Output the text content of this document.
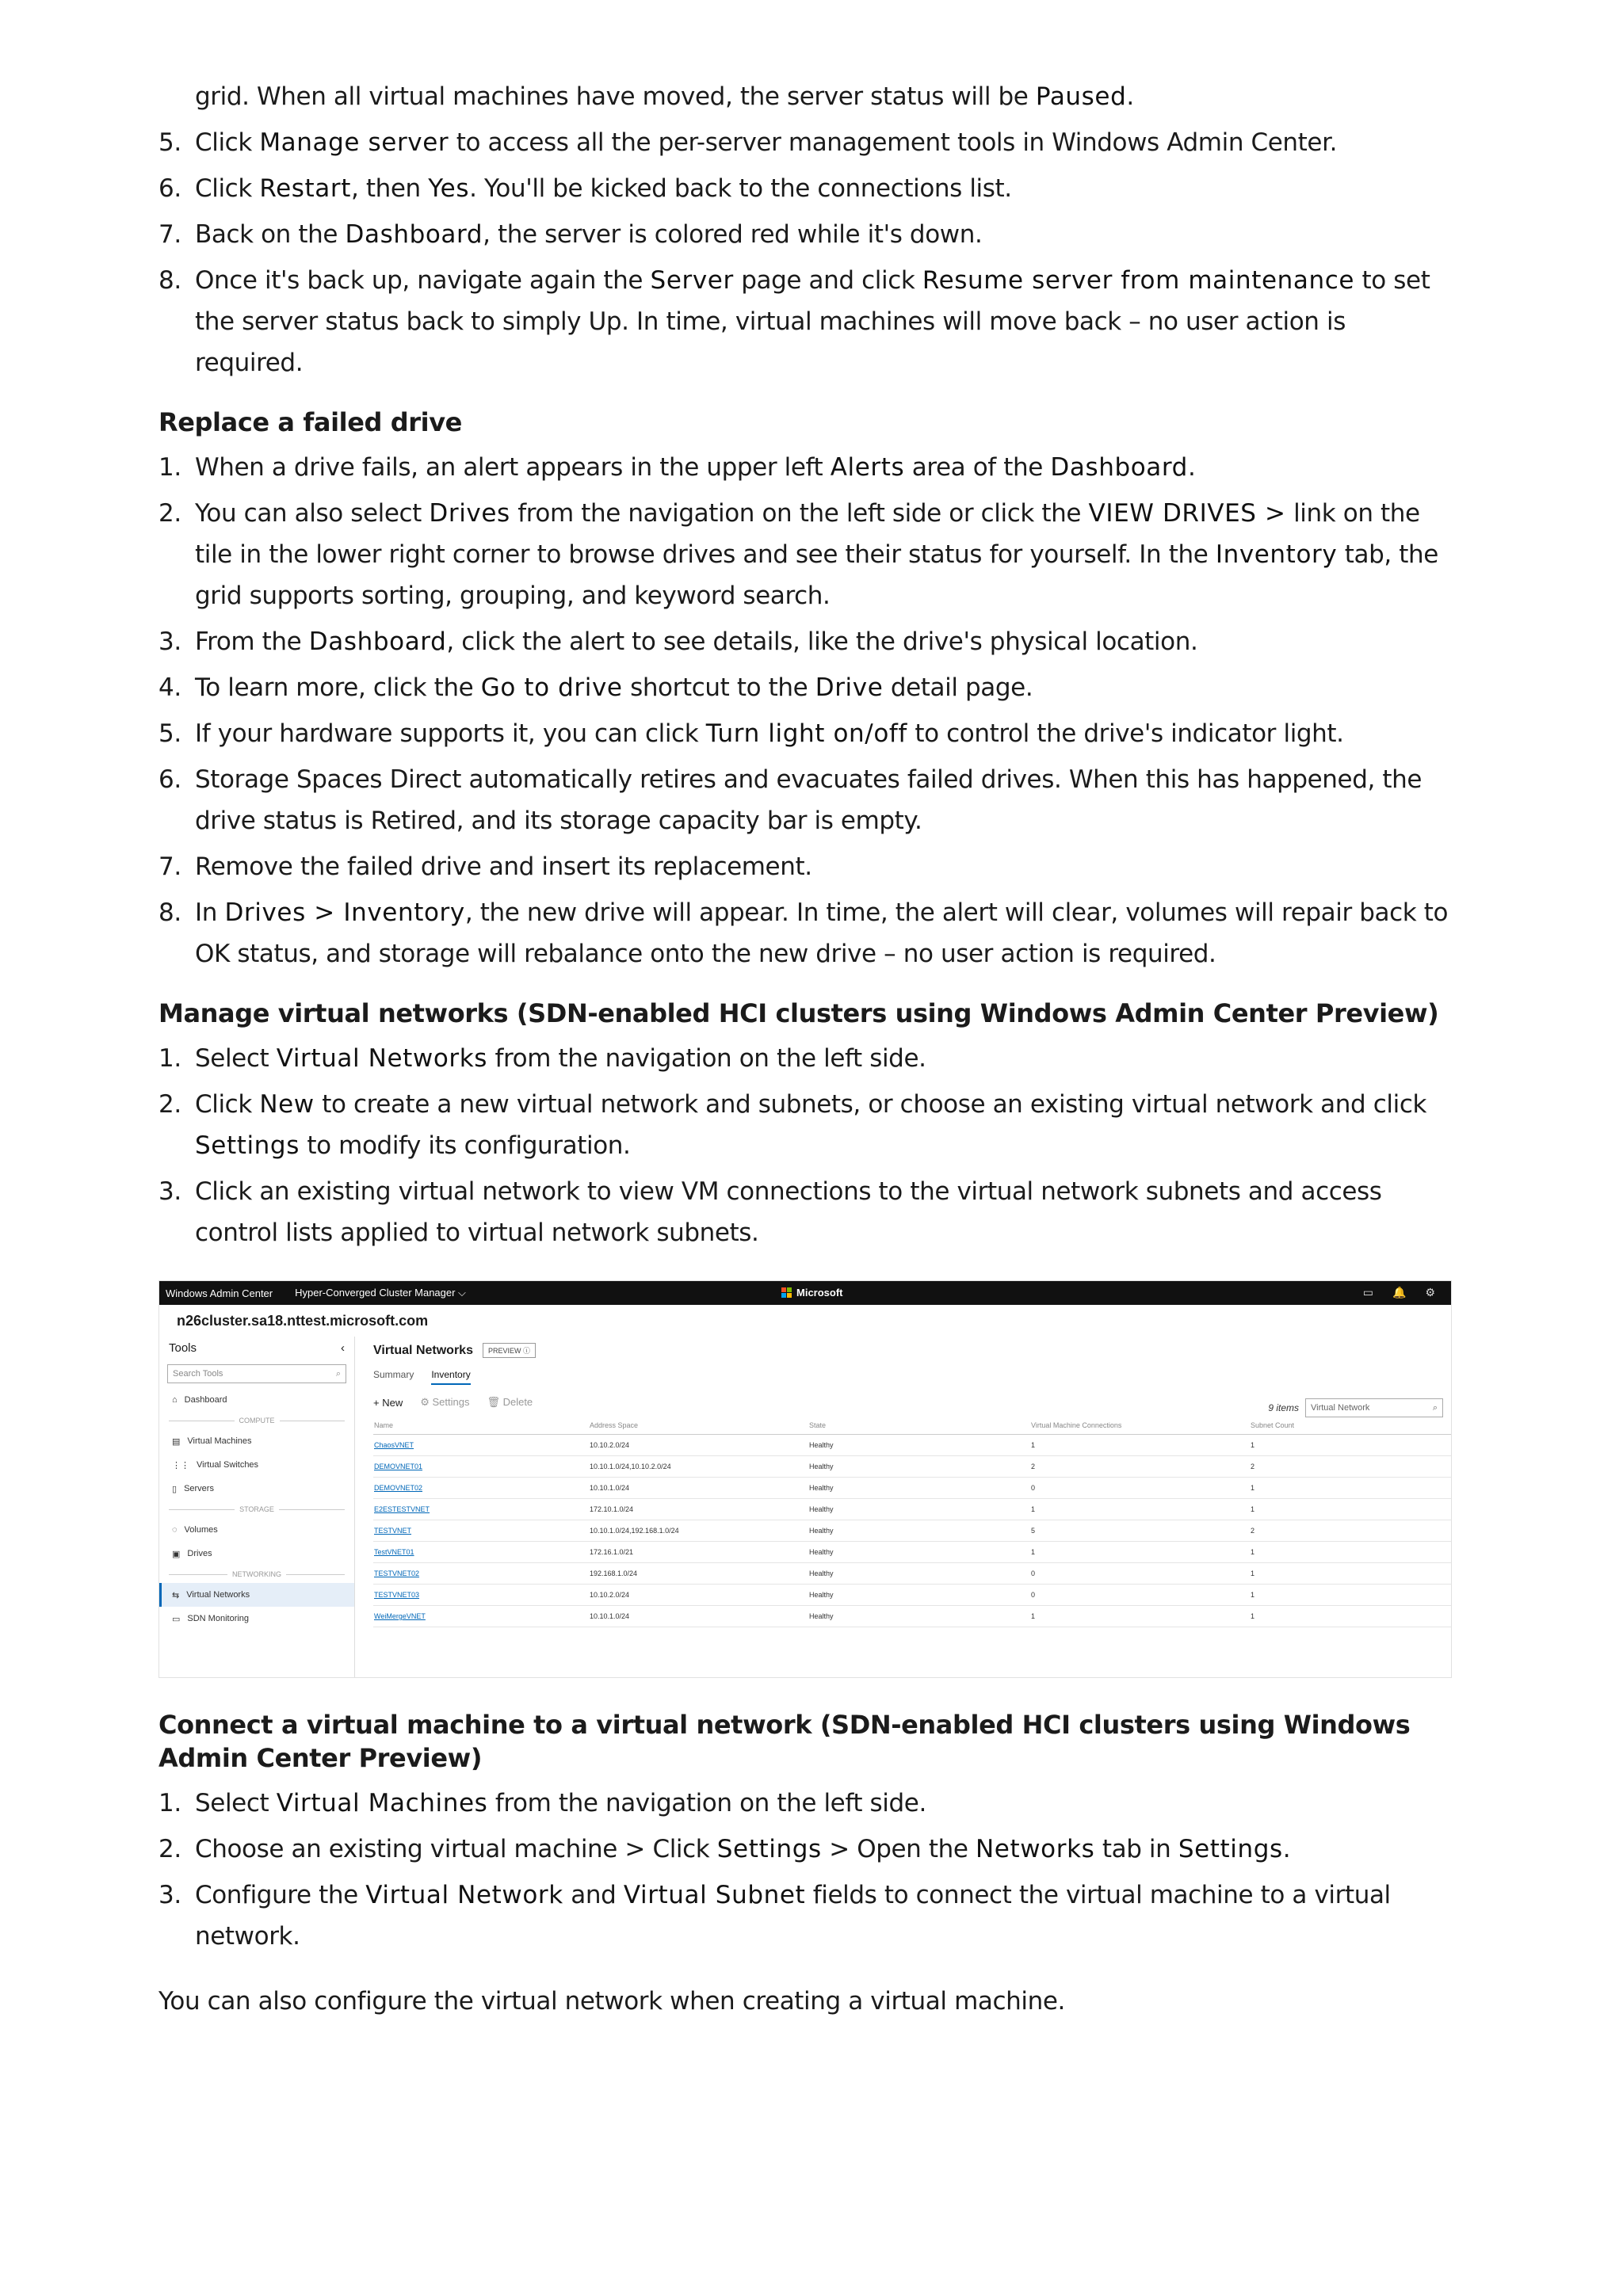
grid. When all virtual machines have moved, the server status will be Paused.
5. Click Manage server to access all the per-server management tools in Windows Admin Center.
6. Click Restart, then Yes. You'll be kicked back to the connections list.
7. Back on the Dashboard, the server is colored red while it's down.
8. Once it's back up, navigate again the Server page and click Resume server from maintenance to set the server status back to simply Up. In time, virtual machines will move back – no user action is required.
Replace a failed drive
1. When a drive fails, an alert appears in the upper left Alerts area of the Dashboard.
2. You can also select Drives from the navigation on the left side or click the VIEW DRIVES > link on the tile in the lower right corner to browse drives and see their status for yourself. In the Inventory tab, the grid supports sorting, grouping, and keyword search.
3. From the Dashboard, click the alert to see details, like the drive's physical location.
4. To learn more, click the Go to drive shortcut to the Drive detail page.
5. If your hardware supports it, you can click Turn light on/off to control the drive's indicator light.
6. Storage Spaces Direct automatically retires and evacuates failed drives. When this has happened, the drive status is Retired, and its storage capacity bar is empty.
7. Remove the failed drive and insert its replacement.
8. In Drives > Inventory, the new drive will appear. In time, the alert will clear, volumes will repair back to OK status, and storage will rebalance onto the new drive – no user action is required.
Manage virtual networks (SDN-enabled HCI clusters using Windows Admin Center Preview)
1. Select Virtual Networks from the navigation on the left side.
2. Click New to create a new virtual network and subnets, or choose an existing virtual network and click Settings to modify its configuration.
3. Click an existing virtual network to view VM connections to the virtual network subnets and access control lists applied to virtual network subnets.
Windows Admin Center Hyper-Converged Cluster Manager ⌵	Microsoft	▭ 🔔 ⚙
n26cluster.sa18.nttest.microsoft.com
Tools	‹
Search Tools	⌕
⌂ Dashboard
COMPUTE
▤ Virtual Machines
⋮⋮ Virtual Switches
▯ Servers
STORAGE
◌ Volumes
▣ Drives
NETWORKING
⇆ Virtual Networks
▭ SDN Monitoring
Virtual Networks	PREVIEW ⓘ
Summary Inventory
+ New ⚙ Settings 🗑 Delete
Name	Address Space	State	Virtual Machine Connections	Subnet Count
ChaosVNET	10.10.2.0/24	Healthy	1	1
DEMOVNET01	10.10.1.0/24,10.10.2.0/24	Healthy	2	2
DEMOVNET02	10.10.1.0/24	Healthy	0	1
E2ESTESTVNET	172.10.1.0/24	Healthy	1	1
TESTVNET	10.10.1.0/24,192.168.1.0/24	Healthy	5	2
TestVNET01	172.16.1.0/21	Healthy	1	1
TESTVNET02	192.168.1.0/24	Healthy	0	1
TESTVNET03	10.10.2.0/24	Healthy	0	1
WeiMergeVNET	10.10.1.0/24	Healthy	1	1
9 items Virtual Network	⌕
Connect a virtual machine to a virtual network (SDN-enabled HCI clusters using Windows Admin Center Preview)
1. Select Virtual Machines from the navigation on the left side.
2. Choose an existing virtual machine > Click Settings > Open the Networks tab in Settings.
3. Configure the Virtual Network and Virtual Subnet fields to connect the virtual machine to a virtual network.

You can also configure the virtual network when creating a virtual machine.
